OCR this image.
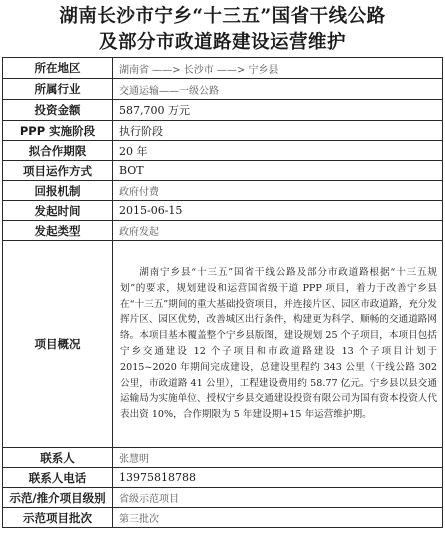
湖南长沙市宁乡“十三五”国省干线公路
及部分市政道路建设运营维护
所在地区	湖南省 ——> 长沙市 ——> 宁乡县
所属行业	交通运输——一级公路
投资金额	587,700 万元
PPP 实施阶段	执行阶段
拟合作期限	20 年
项目运作方式	BOT
回报机制	政府付费
发起时间	2015-06-15
发起类型	政府发起
项目概况	湖南宁乡县“十三五”国省干线公路及部分市政道路根据“十三五规划”的要求，规划建设和运营国省级干道 PPP 项目，着力于改善宁乡县在“十三五”期间的重大基础投资项目，并连接片区、园区市政道路，充分发挥片区、园区优势，改善城区出行条件，构建更为科学、顺畅的交通道路网络。本项目基本覆盖整个宁乡县版图，建设规划 25 个子项目，本项目包括宁乡交通建设 12 个子项目和市政道路建设 13 个子项目计划于 2015~2020 年期间完成建设，总建设里程约 343 公里（干线公路 302 公里，市政道路 41 公里），工程建设费用约 58.77 亿元。宁乡县以县交通运输局为实施单位、授权宁乡县交通建设投资有限公司为国有资本投资人代表出资 10%，合作期限为 5 年建设期+15 年运营维护期。
联系人	张慧明
联系人电话	13975818788
示范/推介项目级别	省级示范项目
示范项目批次	第三批次
